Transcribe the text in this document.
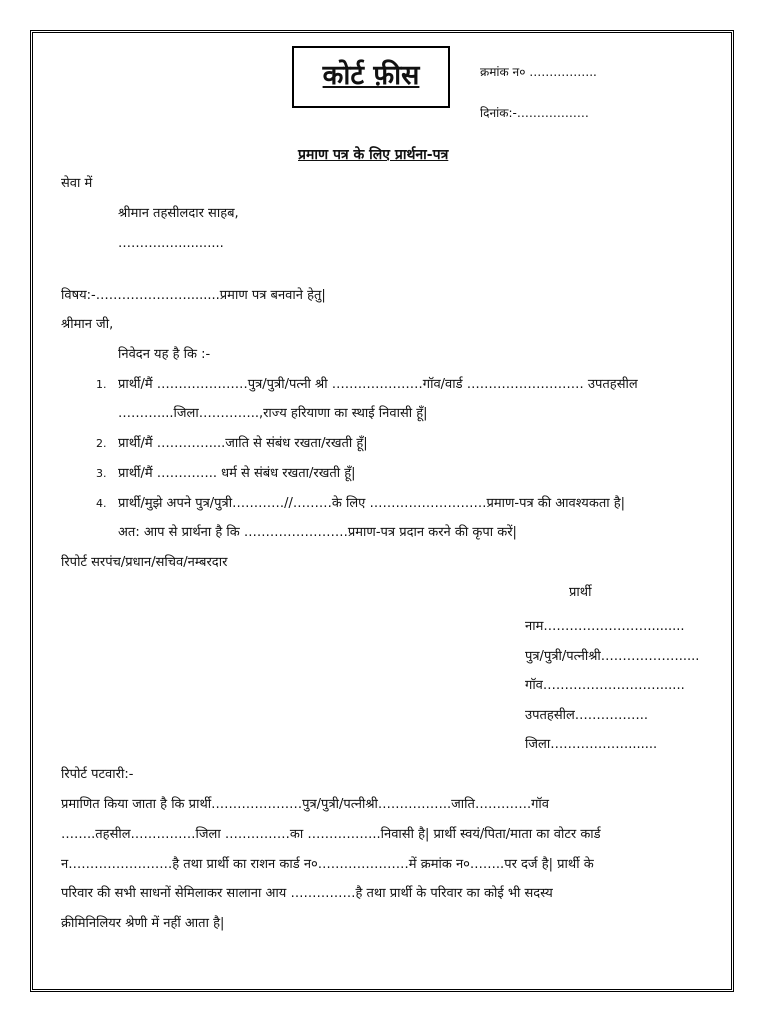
कोर्ट फ़ीस	क्रमांक न० ……………..
दिनांक:-………………
प्रमाण पत्र के लिए प्रार्थना-पत्र
सेवा में
श्रीमान तहसीलदार साहब,
………..…...........
विषय:-…………………........प्रमाण पत्र बनवाने हेतु|
श्रीमान जी,
निवेदन यह है कि :-
1. प्रार्थी/मैं …………………पुत्र/पुत्री/पत्नी श्री …………………गॉव/वार्ड ……………………… उपतहसील
………....जिला…………..,राज्य हरियाणा का स्थाई निवासी हूँ|
2. प्रार्थी/मैं …………....जाति से संबंध रखता/रखती हूँ|
3. प्रार्थी/मैं ………….. धर्म से संबंध रखता/रखती हूँ|
4. प्रार्थी/मुझे अपने पुत्र/पुत्री…………//………के लिए ………………………प्रमाण-पत्र की आवश्यकता है|
अत: आप से प्रार्थना है कि ……………………प्रमाण-पत्र प्रदान करने की कृपा करें|
रिपोर्ट सरपंच/प्रधान/सचिव/नम्बरदार
प्रार्थी
नाम…………………….........
पुत्र/पुत्री/पत्नीश्री……………….....
गॉव………………………......
उपतहसील……………..
जिला……………….......
रिपोर्ट पटवारी:-
प्रमाणित किया जाता है कि प्रार्थी…………………पुत्र/पुत्री/पत्नीश्री……………..जाति………….गॉव
……..तहसील……………जिला ……………का ……………..निवासी है| प्रार्थी स्वयं/पिता/माता का वोटर कार्ड
न……………………है तथा प्रार्थी का राशन कार्ड न०…………………में क्रमांक न०……..पर दर्ज है| प्रार्थी के
परिवार की सभी साधनों सेमिलाकर सालाना आय ……………है तथा प्रार्थी के परिवार का कोई भी सदस्य
क्रीमिनिलियर श्रेणी में नहीं आता है|
